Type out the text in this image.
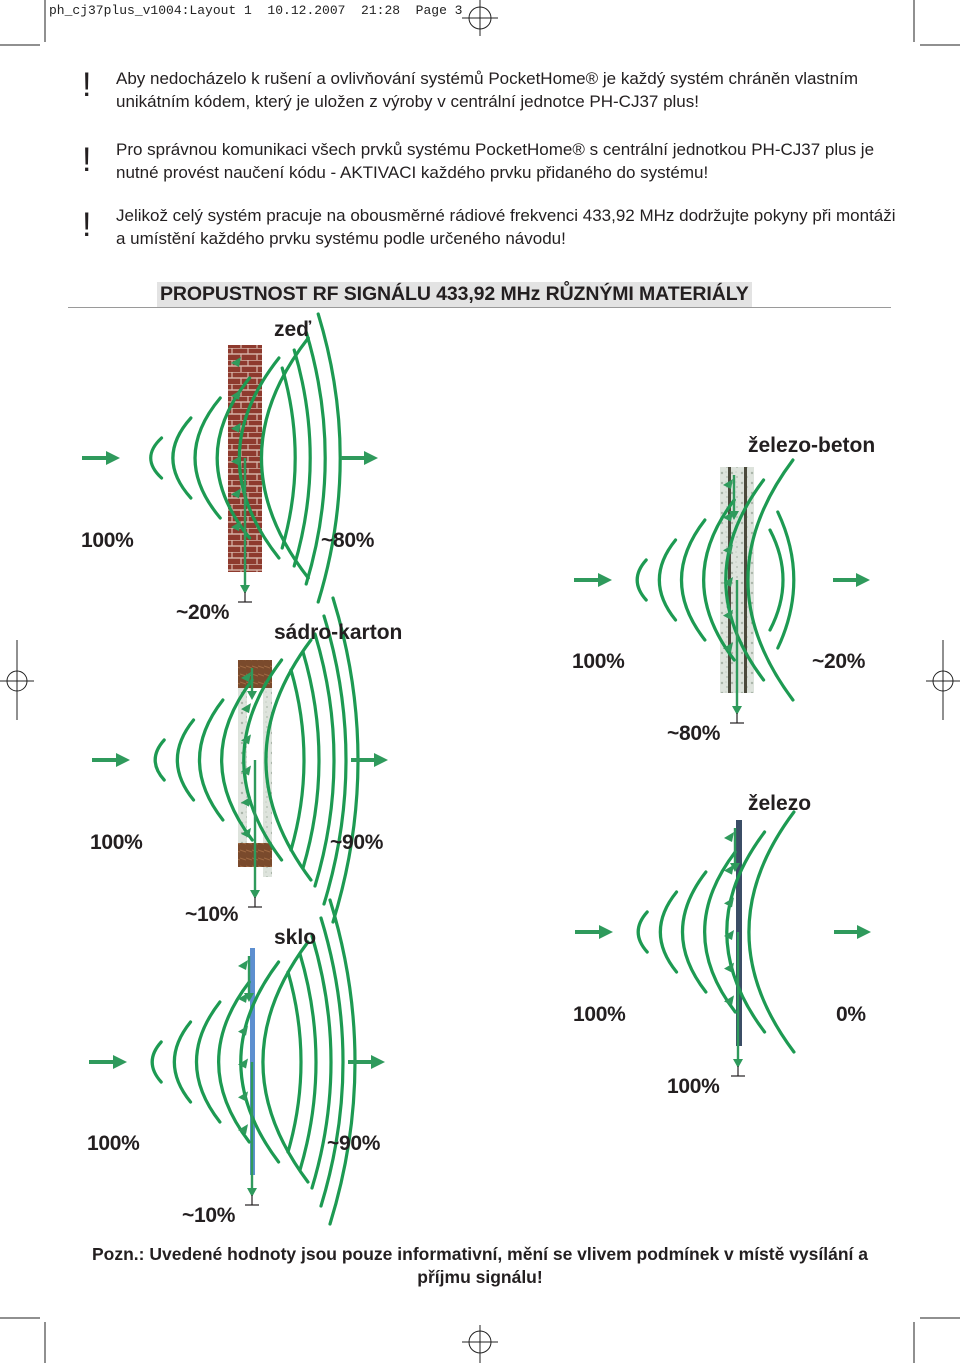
ph_cj37plus_v1004:Layout 1  10.12.2007  21:28  Page 3
! Aby nedocházelo k rušení a ovlivňování systémů PocketHome® je každý systém chráněn vlastním unikátním kódem, který je uložen z výroby v centrální jednotce PH-CJ37 plus!
! Pro správnou komunikaci všech prvků systému PocketHome® s centrální jednotkou PH-CJ37 plus je nutné provést naučení kódu - AKTIVACI každého prvku přidaného do systému!
! Jelikož celý systém pracuje na obousměrné rádiové frekvenci 433,92 MHz dodržujte pokyny při montáži a umístění každého prvku systému podle určeného návodu!
PROPUSTNOST RF SIGNÁLU 433,92 MHz RŮZNÝMI MATERIÁLY
zeď
sádro-karton
sklo
železo-beton
železo
100%	~80%
~20%
100%	~90%
~10%
100%	~90%
~10%
100%	~20%
~80%
100%	0%
100%
Pozn.: Uvedené hodnoty jsou pouze informativní, mění se vlivem podmínek v místě vysílání a příjmu signálu!
